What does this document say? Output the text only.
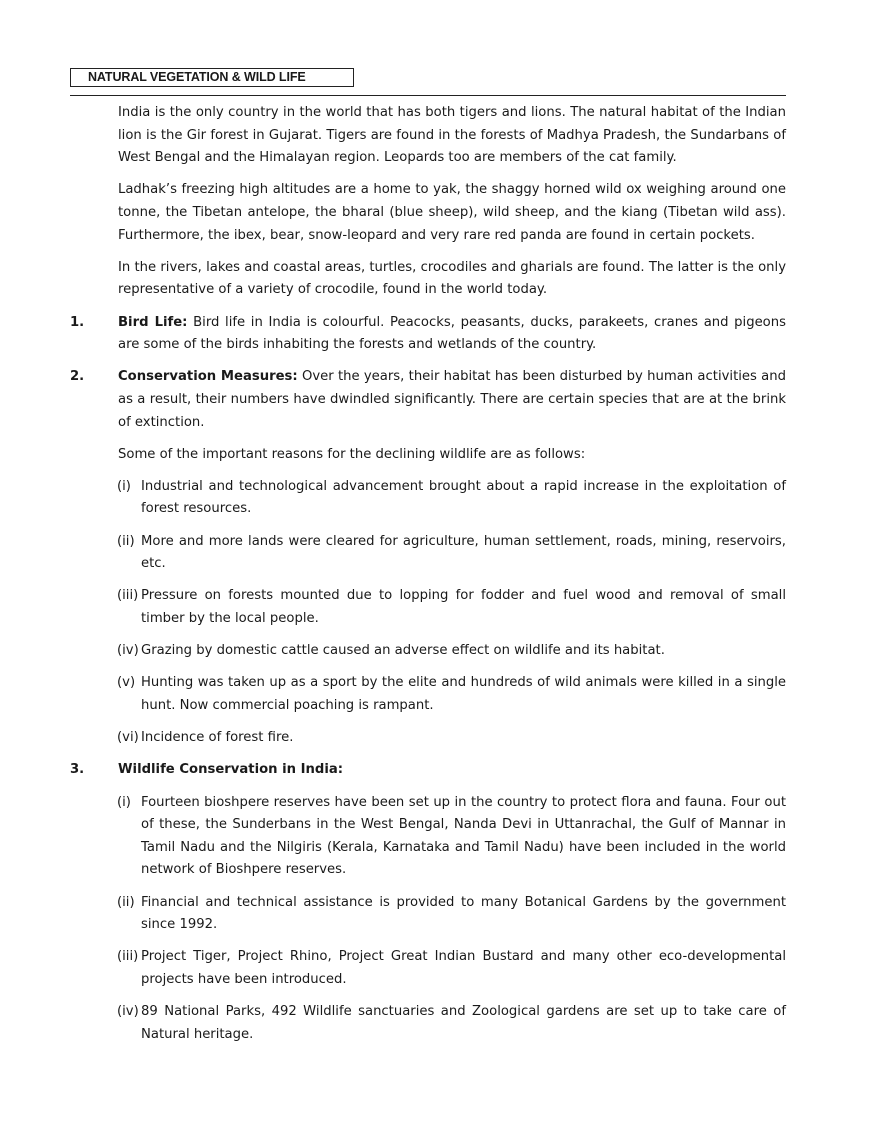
NATURAL VEGETATION & WILD LIFE

India is the only country in the world that has both tigers and lions. The natural habitat of the Indian lion is the Gir forest in Gujarat. Tigers are found in the forests of Madhya Pradesh, the Sundarbans of West Bengal and the Himalayan region. Leopards too are members of the cat family.

Ladhak’s freezing high altitudes are a home to yak, the shaggy horned wild ox weighing around one tonne, the Tibetan antelope, the bharal (blue sheep), wild sheep, and the kiang (Tibetan wild ass). Furthermore, the ibex, bear, snow-leopard and very rare red panda are found in certain pockets.

In the rivers, lakes and coastal areas, turtles, crocodiles and gharials are found. The latter is the only representative of a variety of crocodile, found in the world today.

1.	Bird Life: Bird life in India is colourful. Peacocks, peasants, ducks, parakeets, cranes and pigeons are some of the birds inhabiting the forests and wetlands of the country.
2.	Conservation Measures: Over the years, their habitat has been disturbed by human activities and as a result, their numbers have dwindled significantly. There are certain species that are at the brink of extinction.

Some of the important reasons for the declining wildlife are as follows:

(i) Industrial and technological advancement brought about a rapid increase in the exploitation of forest resources.
(ii) More and more lands were cleared for agriculture, human settlement, roads, mining, reservoirs, etc.
(iii) Pressure on forests mounted due to lopping for fodder and fuel wood and removal of small timber by the local people.
(iv) Grazing by domestic cattle caused an adverse effect on wildlife and its habitat.
(v) Hunting was taken up as a sport by the elite and hundreds of wild animals were killed in a single hunt. Now commercial poaching is rampant.
(vi) Incidence of forest fire.
3.	Wildlife Conservation in India:
(i) Fourteen bioshpere reserves have been set up in the country to protect flora and fauna. Four out of these, the Sunderbans in the West Bengal, Nanda Devi in Uttanrachal, the Gulf of Mannar in Tamil Nadu and the Nilgiris (Kerala, Karnataka and Tamil Nadu) have been included in the world network of Bioshpere reserves.
(ii) Financial and technical assistance is provided to many Botanical Gardens by the government since 1992.
(iii) Project Tiger, Project Rhino, Project Great Indian Bustard and many other eco-developmental projects have been introduced.
(iv) 89 National Parks, 492 Wildlife sanctuaries and Zoological gardens are set up to take care of Natural heritage.
